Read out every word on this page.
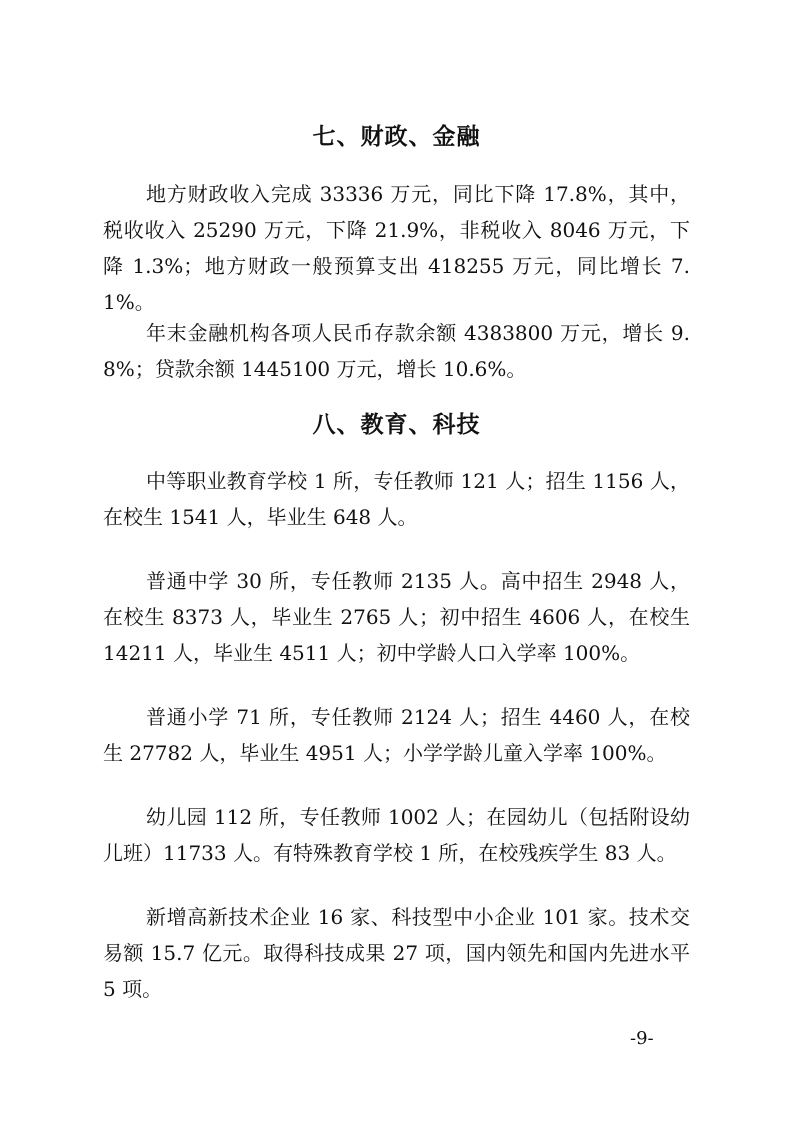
七、财政、金融
地方财政收入完成 33336 万元，同比下降 17.8%，其中，税收收入 25290 万元，下降 21.9%，非税收入 8046 万元，下降 1.3%；地方财政一般预算支出 418255 万元，同比增长 7.1%。
年末金融机构各项人民币存款余额 4383800 万元，增长 9.8%；贷款余额 1445100 万元，增长 10.6%。
八、教育、科技
中等职业教育学校 1 所，专任教师 121 人；招生 1156 人，在校生 1541 人，毕业生 648 人。
普通中学 30 所，专任教师 2135 人。高中招生 2948 人，在校生 8373 人，毕业生 2765 人；初中招生 4606 人，在校生 14211 人，毕业生 4511 人；初中学龄人口入学率 100%。
普通小学 71 所，专任教师 2124 人；招生 4460 人，在校生 27782 人，毕业生 4951 人；小学学龄儿童入学率 100%。
幼儿园 112 所，专任教师 1002 人；在园幼儿（包括附设幼儿班）11733 人。有特殊教育学校 1 所，在校残疾学生 83 人。
新增高新技术企业 16 家、科技型中小企业 101 家。技术交易额 15.7 亿元。取得科技成果 27 项，国内领先和国内先进水平 5 项。
-9-
